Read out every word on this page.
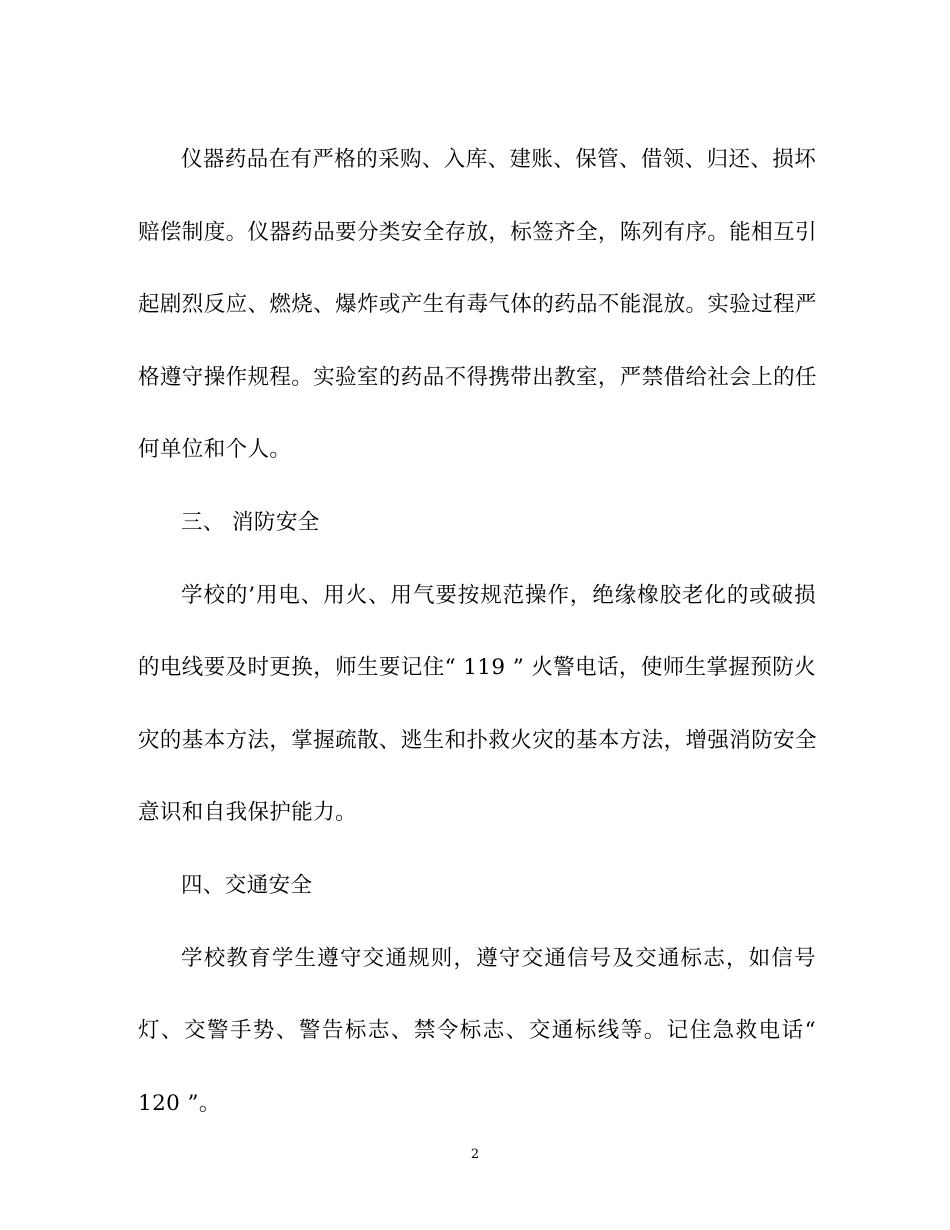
仪器药品在有严格的采购、入库、建账、保管、借领、归还、损坏
赔偿制度。仪器药品要分类安全存放，标签齐全，陈列有序。能相互引
起剧烈反应、燃烧、爆炸或产生有毒气体的药品不能混放。实验过程严
格遵守操作规程。实验室的药品不得携带出教室，严禁借给社会上的任
何单位和个人。

三、 消防安全

学校的’用电、用火、用气要按规范操作，绝缘橡胶老化的或破损
的电线要及时更换，师生要记住“ 119 ” 火警电话，使师生掌握预防火
灾的基本方法，掌握疏散、逃生和扑救火灾的基本方法，增强消防安全
意识和自我保护能力。

四、交通安全

学校教育学生遵守交通规则，遵守交通信号及交通标志，如信号
灯、交警手势、警告标志、禁令标志、交通标线等。记住急救电话“
120 ”。

2
